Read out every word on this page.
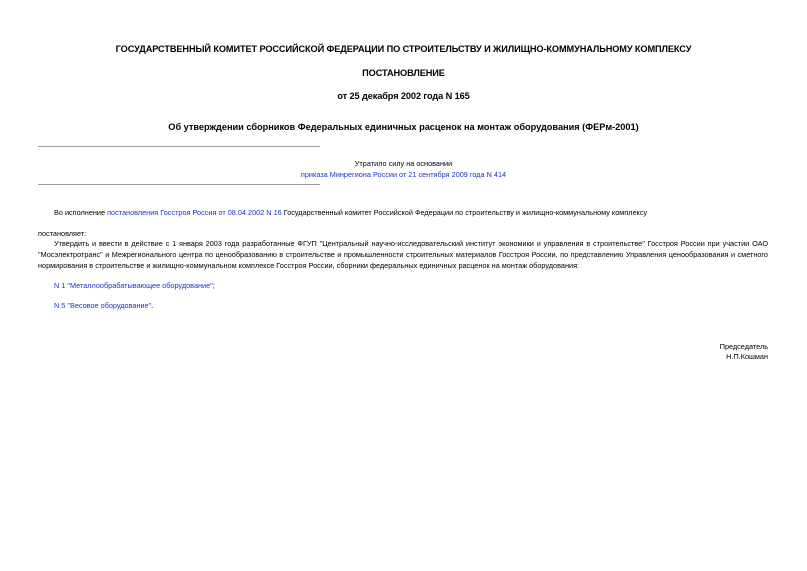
ГОСУДАРСТВЕННЫЙ КОМИТЕТ РОССИЙСКОЙ ФЕДЕРАЦИИ ПО СТРОИТЕЛЬСТВУ И ЖИЛИЩНО-КОММУНАЛЬНОМУ КОМПЛЕКСУ
ПОСТАНОВЛЕНИЕ
от 25 декабря 2002 года N 165
Об утверждении сборников Федеральных единичных расценок на монтаж оборудования (ФЕРм-2001)
Утратило силу на основании
приказа Минрегиона России от 21 сентября 2009 года N 414
Во исполнение постановления Госстроя Россия от 08.04.2002 N 16 Государственный комитет Российской Федерации по строительству и жилищно-коммунальному комплексу
постановляет:
Утвердить и ввести в действие с 1 января 2003 года разработанные ФГУП "Центральный научно-исследовательский институт экономики и управления в строительстве" Госстроя России при участии ОАО "Мосэлектротранс" и Межрегионального центра по ценообразованию в строительстве и промышленности строительных материалов Госстроя России, по представлению Управления ценообразования и сметного нормирования в строительстве и жилищно-коммунальном комплексе Госстроя России, сборники федеральных единичных расценок на монтаж оборудования:
N 1 "Металлообрабатывающее оборудование";
N 5 "Весовое оборудование".
Председатель
Н.П.Кошман
